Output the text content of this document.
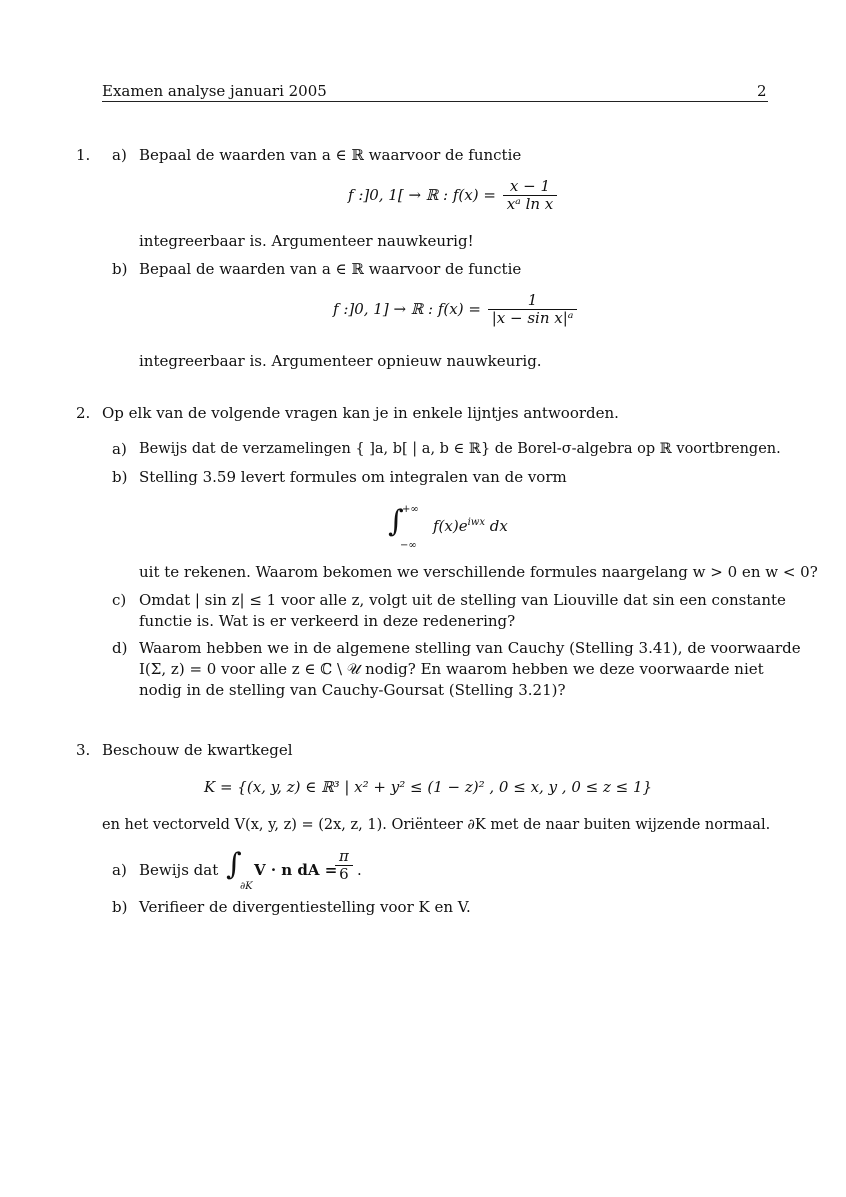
Examen analyse januari 2005	2
1. a) Bepaal de waarden van a ∈ ℝ waarvoor de functie
f :]0, 1[ → ℝ : $f(x) = \frac{x - 1}{\text{xᵃ ln x}}$
integreerbaar is. Argumenteer nauwkeurig!
b) Bepaal de waarden van a ∈ ℝ waarvoor de functie
f :]0, 1] → ℝ : $f(x) = \frac{1}{\text{|x − sin x|ᵃ}}$
integreerbaar is. Argumenteer opnieuw nauwkeurig.
2. Op elk van de volgende vragen kan je in enkele lijntjes antwoorden.
a) Bewijs dat de verzamelingen { ]a, b[ | a, b ∈ ℝ} de Borel-σ-algebra op ℝ voortbrengen.
b) Stelling 3.59 levert formules om integralen van de vorm
∫
+∞
−∞
$f(x)e^{iwx}$ dx
uit te rekenen. Waarom bekomen we verschillende formules naargelang w > 0 en w < 0?
c) Omdat | sin z| ≤ 1 voor alle z, volgt uit de stelling van Liouville dat sin een constante
functie is. Wat is er verkeerd in deze redenering?
d) Waarom hebben we in de algemene stelling van Cauchy (Stelling 3.41), de voorwaarde
I(Σ, z) = 0 voor alle z ∈ ℂ \ 𝒰 nodig? En waarom hebben we deze voorwaarde niet
nodig in de stelling van Cauchy-Goursat (Stelling 3.21)?
3. Beschouw de kwartkegel
K = {(x, y, z) ∈ ℝ³ | x² + y² ≤ (1 − z)² , 0 ≤ x, y , 0 ≤ z ≤ 1}
en het vectorveld V(x, y, z) = (2x, z, 1). Oriënteer ∂K met de naar buiten wijzende normaal.
a) Bewijs dat ∫
∂K
V · n dA =
$\frac{\pi}{6}$ .
b) Verifieer de divergentiestelling voor K en V.
